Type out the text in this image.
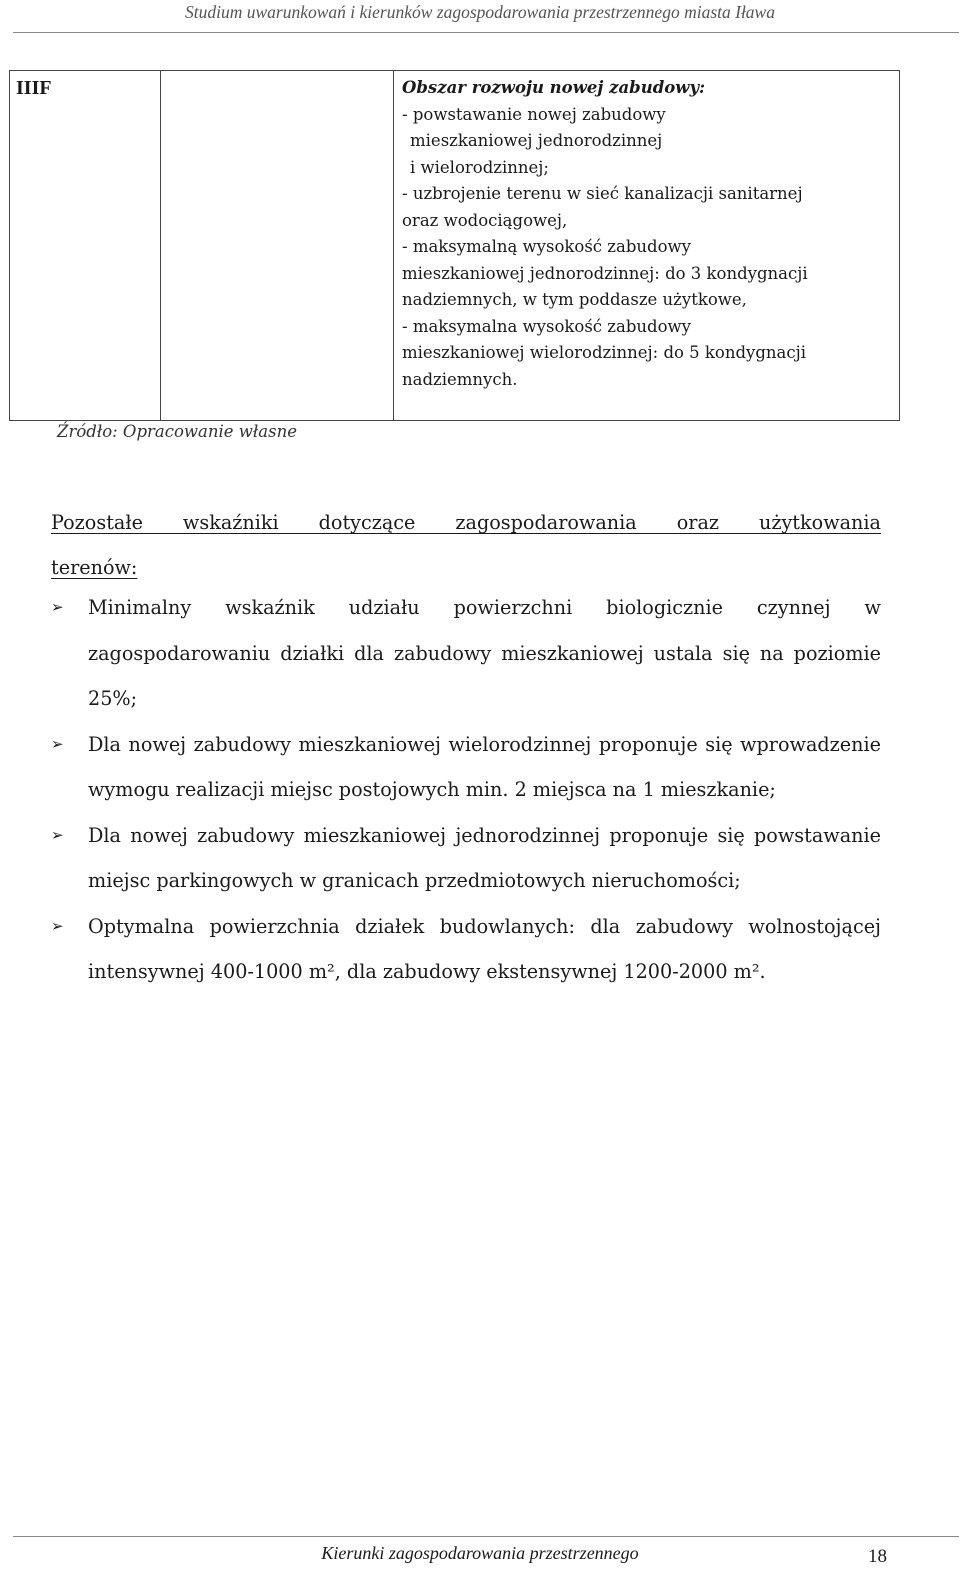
Studium uwarunkowań i kierunków zagospodarowania przestrzennego miasta Iława
IIIF	Obszar rozwoju nowej zabudowy:
- powstawanie nowej zabudowy
mieszkaniowej jednorodzinnej
i wielorodzinnej;
- uzbrojenie terenu w sieć kanalizacji sanitarnej
oraz wodociągowej,
- maksymalną wysokość zabudowy
mieszkaniowej jednorodzinnej: do 3 kondygnacji
nadziemnych, w tym poddasze użytkowe,
- maksymalna wysokość zabudowy
mieszkaniowej wielorodzinnej: do 5 kondygnacji
nadziemnych.
Źródło: Opracowanie własne
Pozostałe wskaźniki dotyczące zagospodarowania oraz użytkowania
terenów:
➢ Minimalny wskaźnik udziału powierzchni biologicznie czynnej w zagospodarowaniu działki dla zabudowy mieszkaniowej ustala się na poziomie 25%;
➢ Dla nowej zabudowy mieszkaniowej wielorodzinnej proponuje się wprowadzenie wymogu realizacji miejsc postojowych min. 2 miejsca na 1 mieszkanie;
➢ Dla nowej zabudowy mieszkaniowej jednorodzinnej proponuje się powstawanie miejsc parkingowych w granicach przedmiotowych nieruchomości;
➢ Optymalna powierzchnia działek budowlanych: dla zabudowy wolnostojącej intensywnej 400-1000 m², dla zabudowy ekstensywnej 1200-2000 m².
Kierunki zagospodarowania przestrzennego	18
